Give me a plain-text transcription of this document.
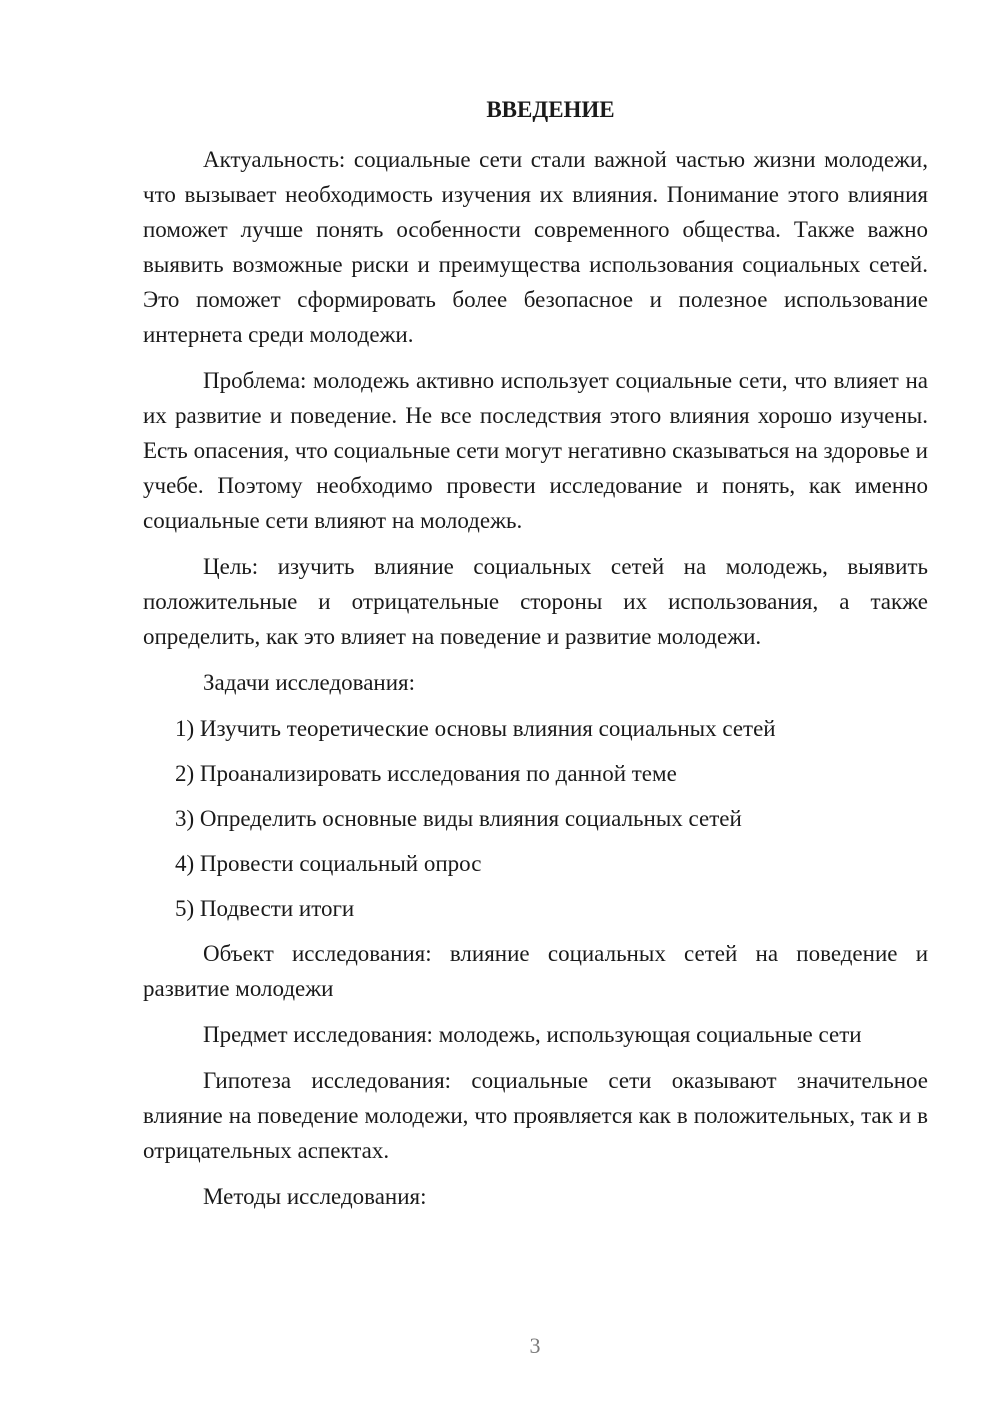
ВВЕДЕНИЕ

Актуальность: социальные сети стали важной частью жизни молодежи, что вызывает необходимость изучения их влияния. Понимание этого влияния поможет лучше понять особенности современного общества. Также важно выявить возможные риски и преимущества использования социальных сетей. Это поможет сформировать более безопасное и полезное использование интернета среди молодежи.

Проблема: молодежь активно использует социальные сети, что влияет на их развитие и поведение. Не все последствия этого влияния хорошо изучены. Есть опасения, что социальные сети могут негативно сказываться на здоровье и учебе. Поэтому необходимо провести исследование и понять, как именно социальные сети влияют на молодежь.

Цель: изучить влияние социальных сетей на молодежь, выявить положительные и отрицательные стороны их использования, а также определить, как это влияет на поведение и развитие молодежи.

Задачи исследования:

1) Изучить теоретические основы влияния социальных сетей
2) Проанализировать исследования по данной теме
3) Определить основные виды влияния социальных сетей
4) Провести социальный опрос
5) Подвести итоги

Объект исследования: влияние социальных сетей на поведение и развитие молодежи

Предмет исследования: молодежь, использующая социальные сети

Гипотеза исследования: социальные сети оказывают значительное влияние на поведение молодежи, что проявляется как в положительных, так и в отрицательных аспектах.

Методы исследования:

3
